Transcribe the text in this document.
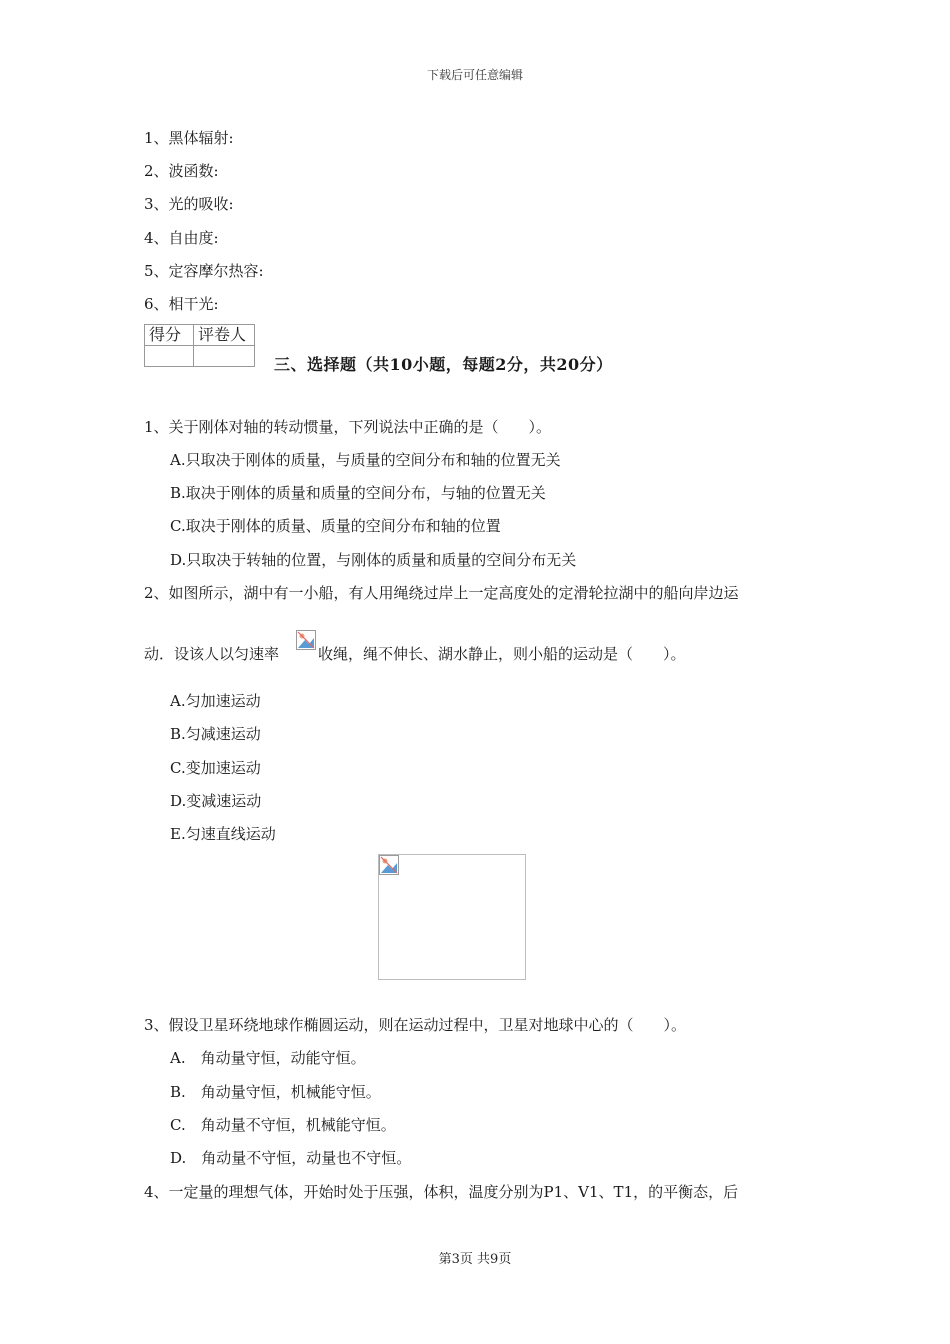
下载后可任意编辑
1、黑体辐射:
2、波函数:
3、光的吸收:
4、自由度:
5、定容摩尔热容:
6、相干光:
得分	评卷人

三、选择题（共10小题，每题2分，共20分）
1、关于刚体对轴的转动惯量，下列说法中正确的是（　　）。
A.只取决于刚体的质量，与质量的空间分布和轴的位置无关
B.取决于刚体的质量和质量的空间分布，与轴的位置无关
C.取决于刚体的质量、质量的空间分布和轴的位置
D.只取决于转轴的位置，与刚体的质量和质量的空间分布无关
2、如图所示，湖中有一小船，有人用绳绕过岸上一定高度处的定滑轮拉湖中的船向岸边运
动．设该人以匀速率	收绳，绳不伸长、湖水静止，则小船的运动是（　　）。
A.匀加速运动
B.匀减速运动
C.变加速运动
D.变减速运动
E.匀速直线运动
3、假设卫星环绕地球作椭圆运动，则在运动过程中，卫星对地球中心的（　　）。
A.　角动量守恒，动能守恒。
B.　角动量守恒，机械能守恒。
C.　角动量不守恒，机械能守恒。
D.　角动量不守恒，动量也不守恒。
4、一定量的理想气体，开始时处于压强，体积，温度分别为P1、V1、T1，的平衡态，后
第3页 共9页
